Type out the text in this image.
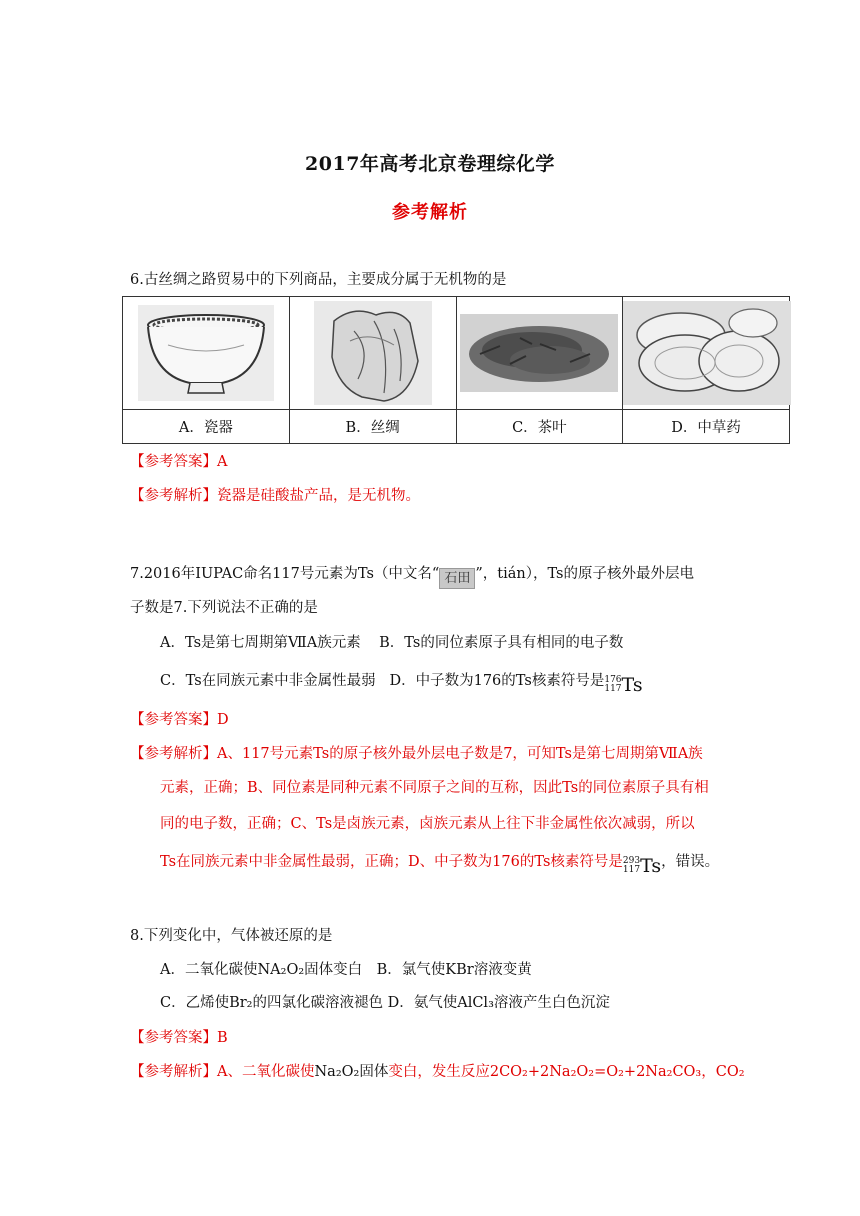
2017年高考北京卷理综化学
参考解析
6.古丝绸之路贸易中的下列商品，主要成分属于无机物的是

A．瓷器	B．丝绸	C．茶叶	D．中草药
【参考答案】A
【参考解析】瓷器是硅酸盐产品，是无机物。
7.2016年IUPAC命名117号元素为Ts（中文名“ 石田 ”，tián），Ts的原子核外最外层电
子数是7.下列说法不正确的是
A．Ts是第七周期第ⅦA族元素 B．Ts的同位素原子具有相同的电子数
C．Ts在同族元素中非金属性最弱 D．中子数为176的Ts核素符号是176
117Ts
【参考答案】D
【参考解析】A、117号元素Ts的原子核外最外层电子数是7，可知Ts是第七周期第ⅦA族
元素，正确；B、同位素是同种元素不同原子之间的互称，因此Ts的同位素原子具有相
同的电子数，正确；C、Ts是卤族元素，卤族元素从上往下非金属性依次减弱，所以
Ts在同族元素中非金属性最弱，正确；D、中子数为176的Ts核素符号是293
117Ts，错误。
8.下列变化中，气体被还原的是
A．二氧化碳使NA₂O₂固体变白　B．氯气使KBr溶液变黄
C．乙烯使Br₂的四氯化碳溶液褪色 D．氨气使AlCl₃溶液产生白色沉淀
【参考答案】B
【参考解析】A、二氧化碳使Na₂O₂固体变白，发生反应2CO₂+2Na₂O₂=O₂+2Na₂CO₃，CO₂
